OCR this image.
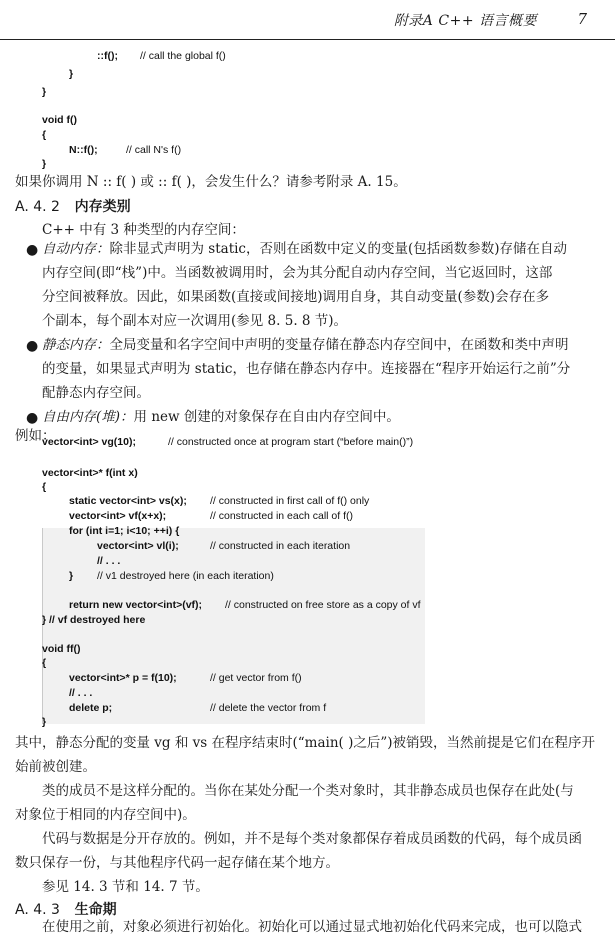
附录A C++ 语言概要	7
::f(); // call the global f()
}
}
void f()
{
N::f();	// call N's f()
}
如果你调用 N :: f( ) 或 :: f( )，会发生什么？请参考附录 A. 15。
A. 4. 2 内存类别
C++ 中有 3 种类型的内存空间：
● 自动内存：除非显式声明为 static，否则在函数中定义的变量(包括函数参数)存储在自动
内存空间(即“栈”)中。当函数被调用时，会为其分配自动内存空间，当它返回时，这部
分空间被释放。因此，如果函数(直接或间接地)调用自身，其自动变量(参数)会存在多
个副本，每个副本对应一次调用(参见 8. 5. 8 节)。
● 静态内存：全局变量和名字空间中声明的变量存储在静态内存空间中，在函数和类中声明
的变量，如果显式声明为 static，也存储在静态内存中。连接器在“程序开始运行之前”分
配静态内存空间。
● 自由内存(堆)：用 new 创建的对象保存在自由内存空间中。
例如：
vector<int> vg(10);	// constructed once at program start (“before main()”)
vector<int>* f(int x)
{
static vector<int> vs(x); // constructed in first call of f() only
vector<int> vf(x+x);	// constructed in each call of f()
for (int i=1; i<10; ++i) {
vector<int> vl(i);	// constructed in each iteration
// . . .
} // v1 destroyed here (in each iteration)
return new vector<int>(vf); // constructed on free store as a copy of vf
} // vf destroyed here
void ff()
{
vector<int>* p = f(10);	// get vector from f()
// . . .
delete p;	// delete the vector from f
}
其中，静态分配的变量 vg 和 vs 在程序结束时(“main( )之后”)被销毁，当然前提是它们在程序开
始前被创建。
类的成员不是这样分配的。当你在某处分配一个类对象时，其非静态成员也保存在此处(与
对象位于相同的内存空间中)。
代码与数据是分开存放的。例如，并不是每个类对象都保存着成员函数的代码，每个成员函
数只保存一份，与其他程序代码一起存储在某个地方。
参见 14. 3 节和 14. 7 节。
A. 4. 3 生命期
在使用之前，对象必须进行初始化。初始化可以通过显式地初始化代码来完成，也可以隐式
